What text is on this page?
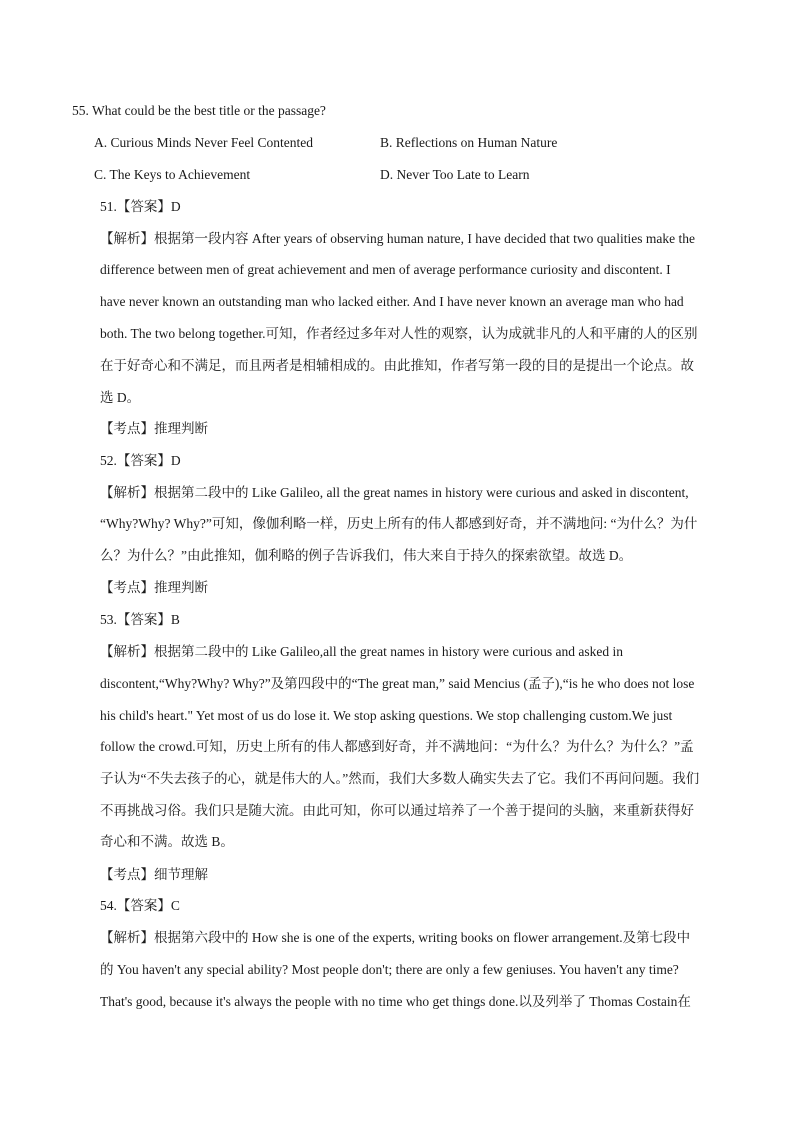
55. What could be the best title or the passage?
A. Curious Minds Never Feel Contented	B. Reflections on Human Nature
C. The Keys to Achievement	D. Never Too Late to Learn
51.【答案】D
【解析】根据第一段内容 After years of observing human nature, I have decided that two qualities make the
difference between men of great achievement and men of average performance curiosity and discontent. I
have never known an outstanding man who lacked either. And I have never known an average man who had
both. The two belong together.可知，作者经过多年对人性的观察，认为成就非凡的人和平庸的人的区别
在于好奇心和不满足，而且两者是相辅相成的。由此推知，作者写第一段的目的是提出一个论点。故
选 D。
【考点】推理判断
52.【答案】D
【解析】根据第二段中的 Like Galileo, all the great names in history were curious and asked in discontent,
“Why?Why? Why?”可知，像伽利略一样，历史上所有的伟人都感到好奇，并不满地问: “为什么？为什
么？为什么？”由此推知，伽利略的例子告诉我们，伟大来自于持久的探索欲望。故选 D。
【考点】推理判断
53.【答案】B
【解析】根据第二段中的 Like Galileo,all the great names in history were curious and asked in
discontent,“Why?Why? Why?”及第四段中的“The great man,” said Mencius (孟子),“is he who does not lose
his child's heart." Yet most of us do lose it. We stop asking questions. We stop challenging custom.We just
follow the crowd.可知，历史上所有的伟人都感到好奇，并不满地问：“为什么？为什么？为什么？”孟
子认为“不失去孩子的心，就是伟大的人。”然而，我们大多数人确实失去了它。我们不再问问题。我们
不再挑战习俗。我们只是随大流。由此可知，你可以通过培养了一个善于提问的头脑，来重新获得好
奇心和不满。故选 B。
【考点】细节理解
54.【答案】C
【解析】根据第六段中的 How she is one of the experts, writing books on flower arrangement.及第七段中
的 You haven't any special ability? Most people don't; there are only a few geniuses. You haven't any time?
That's good, because it's always the people with no time who get things done.以及列举了 Thomas Costain在
